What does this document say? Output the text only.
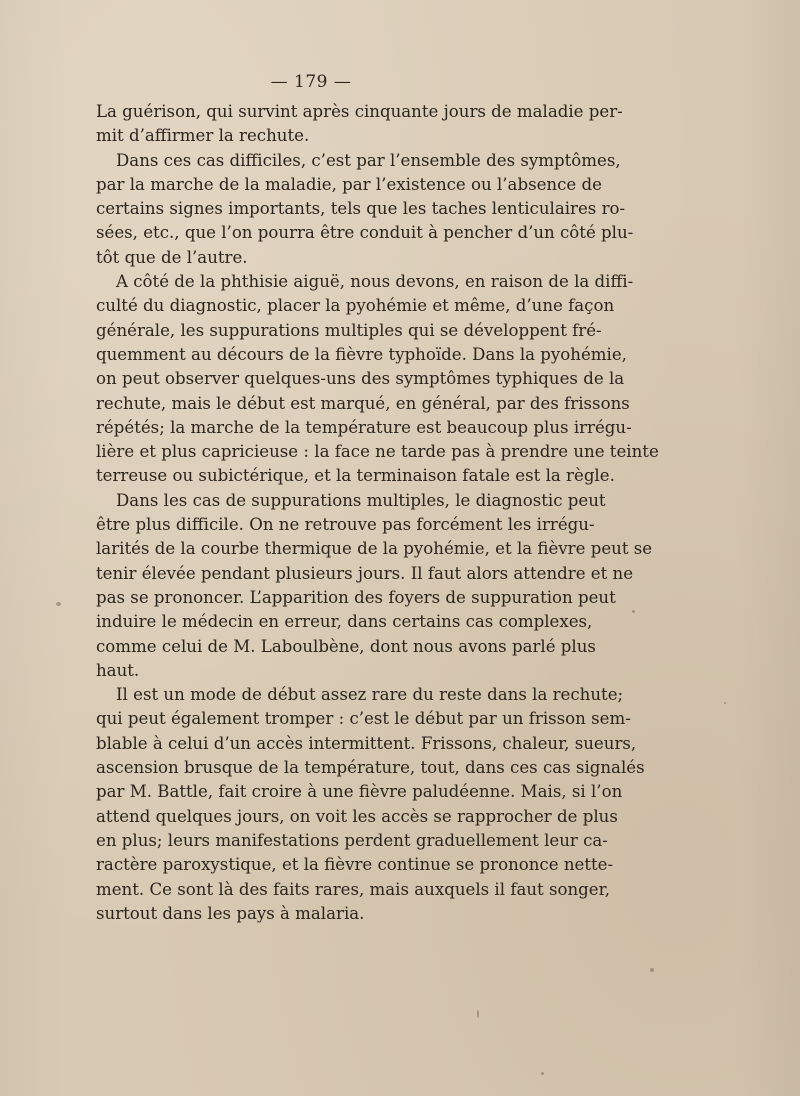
— 179 —
La guérison, qui survint après cinquante jours de maladie per-
mit d’affirmer la rechute.
Dans ces cas difficiles, c’est par l’ensemble des symptômes,
par la marche de la maladie, par l’existence ou l’absence de
certains signes importants, tels que les taches lenticulaires ro-
sées, etc., que l’on pourra être conduit à pencher d’un côté plu-
tôt que de l’autre.
A côté de la phthisie aiguë, nous devons, en raison de la diffi-
culté du diagnostic, placer la pyohémie et même, d’une façon
générale, les suppurations multiples qui se développent fré-
quemment au décours de la fièvre typhoïde. Dans la pyohémie,
on peut observer quelques-uns des symptômes typhiques de la
rechute, mais le début est marqué, en général, par des frissons
répétés; la marche de la température est beaucoup plus irrégu-
lière et plus capricieuse : la face ne tarde pas à prendre une teinte
terreuse ou subictérique, et la terminaison fatale est la règle.
Dans les cas de suppurations multiples, le diagnostic peut
être plus difficile. On ne retrouve pas forcément les irrégu-
larités de la courbe thermique de la pyohémie, et la fièvre peut se
tenir élevée pendant plusieurs jours. Il faut alors attendre et ne
pas se prononcer. L’apparition des foyers de suppuration peut
induire le médecin en erreur, dans certains cas complexes,
comme celui de M. Laboulbène, dont nous avons parlé plus
haut.
Il est un mode de début assez rare du reste dans la rechute;
qui peut également tromper : c’est le début par un frisson sem-
blable à celui d’un accès intermittent. Frissons, chaleur, sueurs,
ascension brusque de la température, tout, dans ces cas signalés
par M. Battle, fait croire à une fièvre paludéenne. Mais, si l’on
attend quelques jours, on voit les accès se rapprocher de plus
en plus; leurs manifestations perdent graduellement leur ca-
ractère paroxystique, et la fièvre continue se prononce nette-
ment. Ce sont là des faits rares, mais auxquels il faut songer,
surtout dans les pays à malaria.
